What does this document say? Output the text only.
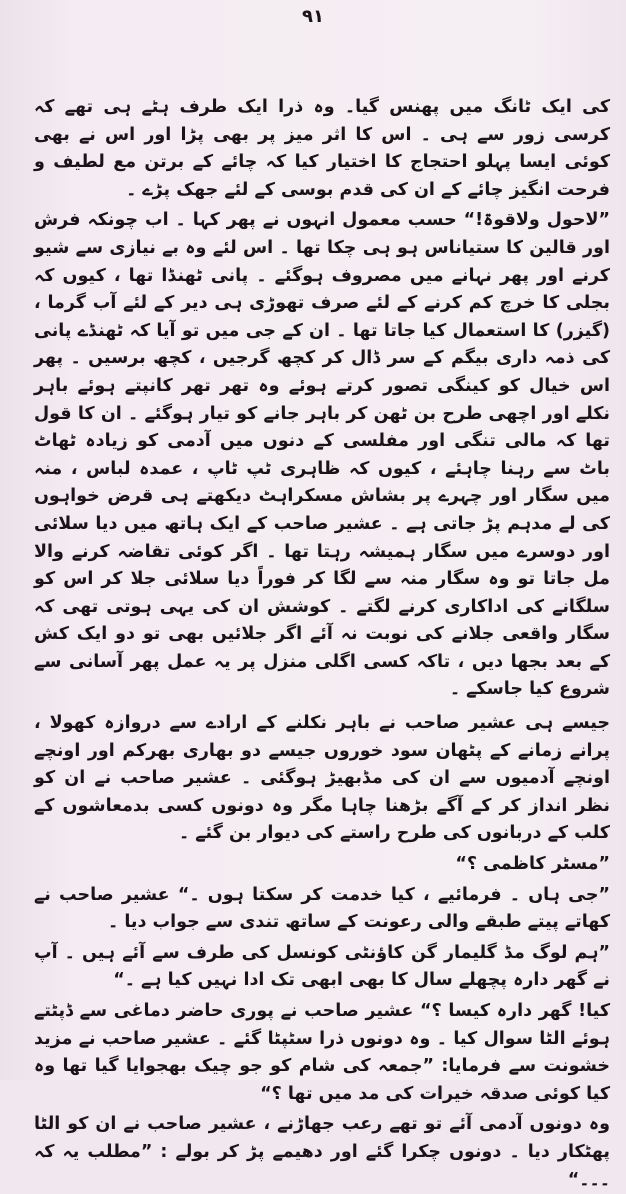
٩١

کی ایک ٹانگ میں پھنس گیا۔ وہ ذرا ایک طرف ہٹے ہی تھے کہ کرسی زور سے ہی ۔ اس کا اثر میز پر بھی پڑا اور اس نے بھی کوئی ایسا پہلو احتجاج کا اختیار کیا کہ چائے کے برتن مع لطیف و فرحت انگیز چائے کے ان کی قدم بوسی کے لئے جھک پڑے ۔

”لاحول ولاقوۃ!“ حسب معمول انہوں نے پھر کہا ۔ اب چونکہ فرش اور قالین کا ستیاناس ہو ہی چکا تھا ۔ اس لئے وہ بے نیازی سے شیو کرنے اور پھر نہانے میں مصروف ہوگئے ۔ پانی ٹھنڈا تھا ، کیوں کہ بجلی کا خرچ کم کرنے کے لئے صرف تھوڑی ہی دیر کے لئے آب گرما ، (گیزر) کا استعمال کیا جاتا تھا ۔ ان کے جی میں تو آیا کہ ٹھنڈے پانی کی ذمہ داری بیگم کے سر ڈال کر کچھ گرجیں ، کچھ برسیں ۔ پھر اس خیال کو کینگی تصور کرتے ہوئے وہ تھر تھر کانپتے ہوئے باہر نکلے اور اچھی طرح بن ٹھن کر باہر جانے کو تیار ہوگئے ۔ ان کا قول تھا کہ مالی تنگی اور مفلسی کے دنوں میں آدمی کو زیادہ ٹھاٹ باٹ سے رہنا چاہئے ، کیوں کہ ظاہری ٹپ ٹاپ ، عمدہ لباس ، منہ میں سگار اور چہرے پر بشاش مسکراہٹ دیکھتے ہی قرض خواہوں کی لے مدہم پڑ جاتی ہے ۔ عشیر صاحب کے ایک ہاتھ میں دیا سلائی اور دوسرے میں سگار ہمیشہ رہتا تھا ۔ اگر کوئی تقاضہ کرنے والا مل جاتا تو وہ سگار منہ سے لگا کر فوراً دیا سلائی جلا کر اس کو سلگانے کی اداکاری کرنے لگتے ۔ کوشش ان کی یہی ہوتی تھی کہ سگار واقعی جلانے کی نوبت نہ آئے اگر جلائیں بھی تو دو ایک کش کے بعد بجھا دیں ، تاکہ کسی اگلی منزل پر یہ عمل پھر آسانی سے شروع کیا جاسکے ۔

جیسے ہی عشیر صاحب نے باہر نکلنے کے ارادے سے دروازہ کھولا ، پرانے زمانے کے پٹھان سود خوروں جیسے دو بھاری بھرکم اور اونچے اونچے آدمیوں سے ان کی مڈبھیڑ ہوگئی ۔ عشیر صاحب نے ان کو نظر انداز کر کے آگے بڑھنا چاہا مگر وہ دونوں کسی بدمعاشوں کے کلب کے دربانوں کی طرح راستے کی دیوار بن گئے ۔

”مسٹر کاظمی ؟“

”جی ہاں ۔ فرمائیے ، کیا خدمت کر سکتا ہوں ۔“ عشیر صاحب نے کھاتے پیتے طبقے والی رعونت کے ساتھ تندی سے جواب دیا ۔

”ہم لوگ مڈ گلیمار گن کاؤنٹی کونسل کی طرف سے آئے ہیں ۔ آپ نے گھر دارہ پچھلے سال کا بھی ابھی تک ادا نہیں کیا ہے ۔“

کیا! گھر دارہ کیسا ؟“ عشیر صاحب نے پوری حاضر دماغی سے ڈپٹتے ہوئے الٹا سوال کیا ۔ وہ دونوں ذرا سٹپٹا گئے ۔ عشیر صاحب نے مزید خشونت سے فرمایا: ”جمعہ کی شام کو جو چیک بھجوایا گیا تھا وہ کیا کوئی صدقہ خیرات کی مد میں تھا ؟“

وہ دونوں آدمی آئے تو تھے رعب جھاڑنے ، عشیر صاحب نے ان کو الٹا پھٹکار دیا ۔ دونوں چکرا گئے اور دھیمے پڑ کر بولے : ”مطلب یہ کہ ۔۔۔“
